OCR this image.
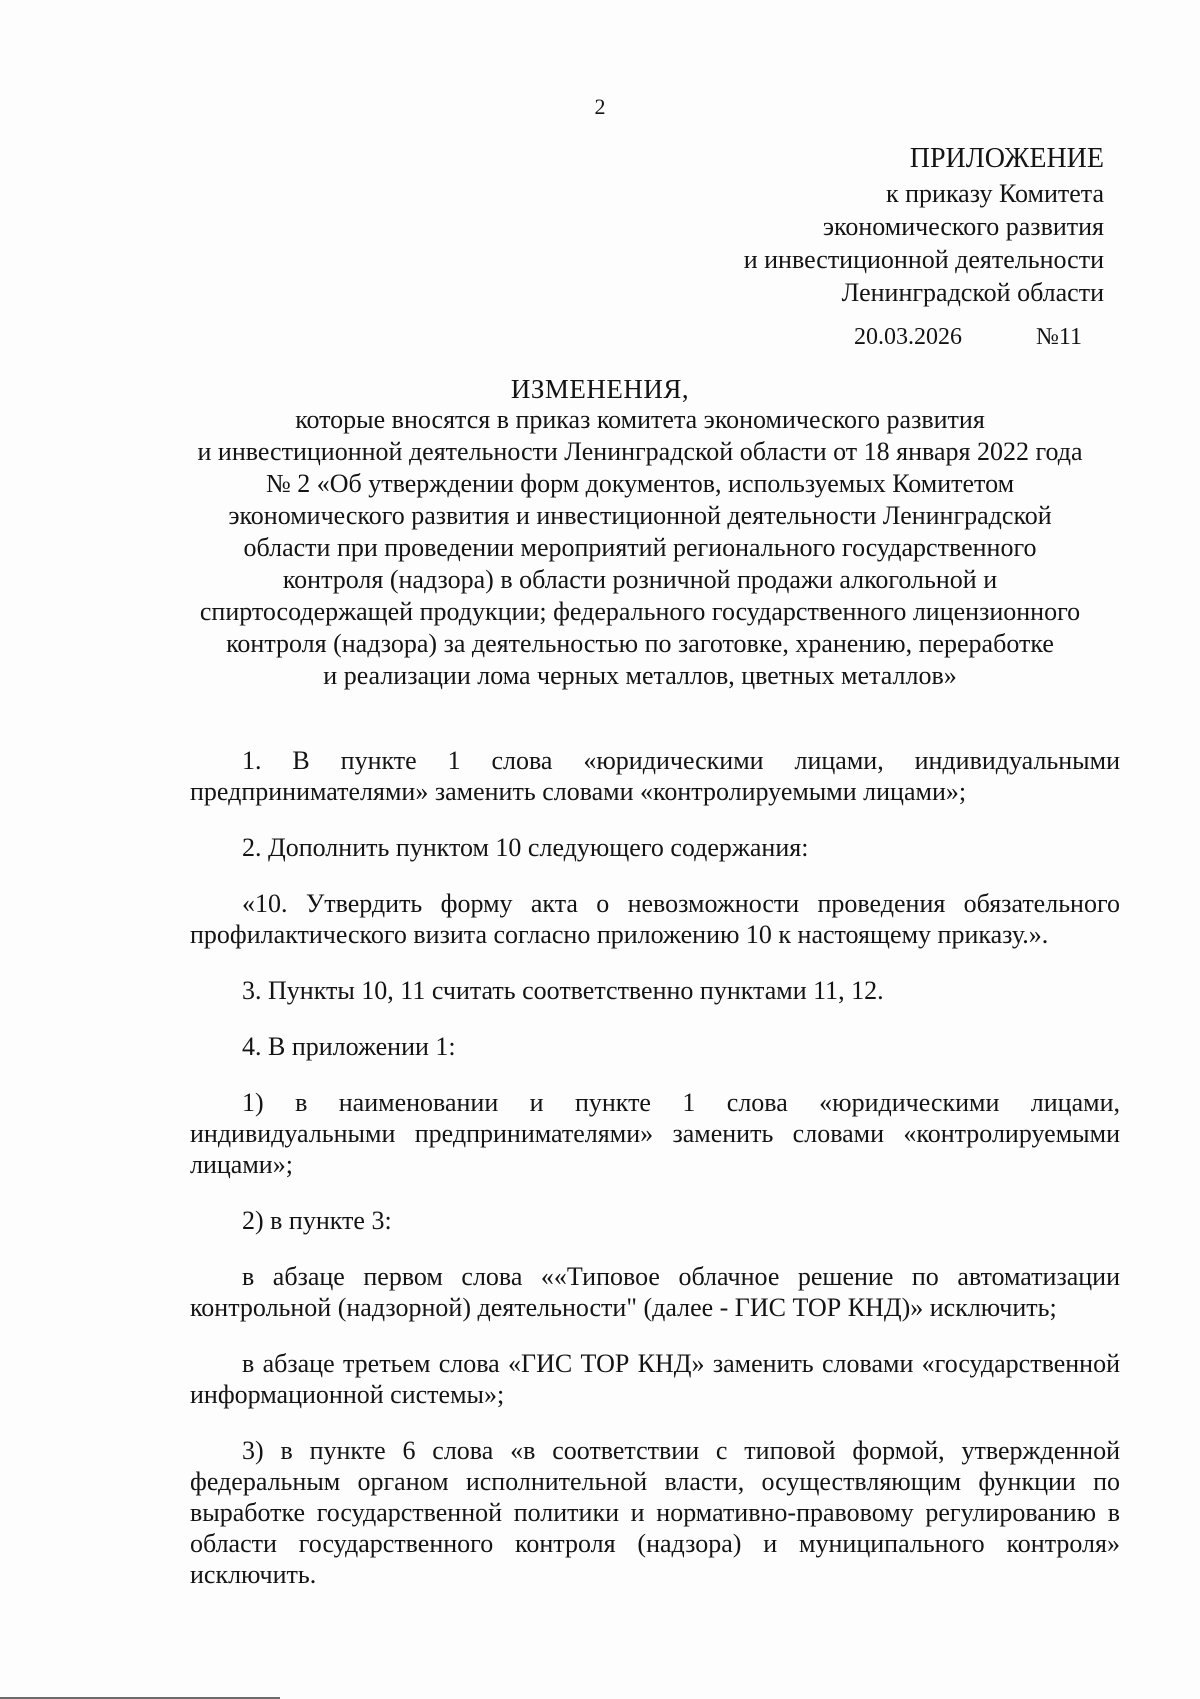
2
ПРИЛОЖЕНИЕ
к приказу Комитета
экономического развития
и инвестиционной деятельности
Ленинградской области
20.03.2026	№11
ИЗМЕНЕНИЯ,
которые вносятся в приказ комитета экономического развития
и инвестиционной деятельности Ленинградской области от 18 января 2022 года
№ 2 «Об утверждении форм документов, используемых Комитетом
экономического развития и инвестиционной деятельности Ленинградской
области при проведении мероприятий регионального государственного
контроля (надзора) в области розничной продажи алкогольной и
спиртосодержащей продукции; федерального государственного лицензионного
контроля (надзора) за деятельностью по заготовке, хранению, переработке
и реализации лома черных металлов, цветных металлов»

1. В пункте 1 слова «юридическими лицами, индивидуальными предпринимателями» заменить словами «контролируемыми лицами»;

2. Дополнить пунктом 10 следующего содержания:

«10. Утвердить форму акта о невозможности проведения обязательного профилактического визита согласно приложению 10 к настоящему приказу.».

3. Пункты 10, 11 считать соответственно пунктами 11, 12.

4. В приложении 1:

1) в наименовании и пункте 1 слова «юридическими лицами, индивидуальными предпринимателями» заменить словами «контролируемыми лицами»;

2) в пункте 3:

в абзаце первом слова ««Типовое облачное решение по автоматизации контрольной (надзорной) деятельности" (далее - ГИС ТОР КНД)» исключить;

в абзаце третьем слова «ГИС ТОР КНД» заменить словами «государственной информационной системы»;

3) в пункте 6 слова «в соответствии с типовой формой, утвержденной федеральным органом исполнительной власти, осуществляющим функции по выработке государственной политики и нормативно-правовому регулированию в области государственного контроля (надзора) и муниципального контроля» исключить.
